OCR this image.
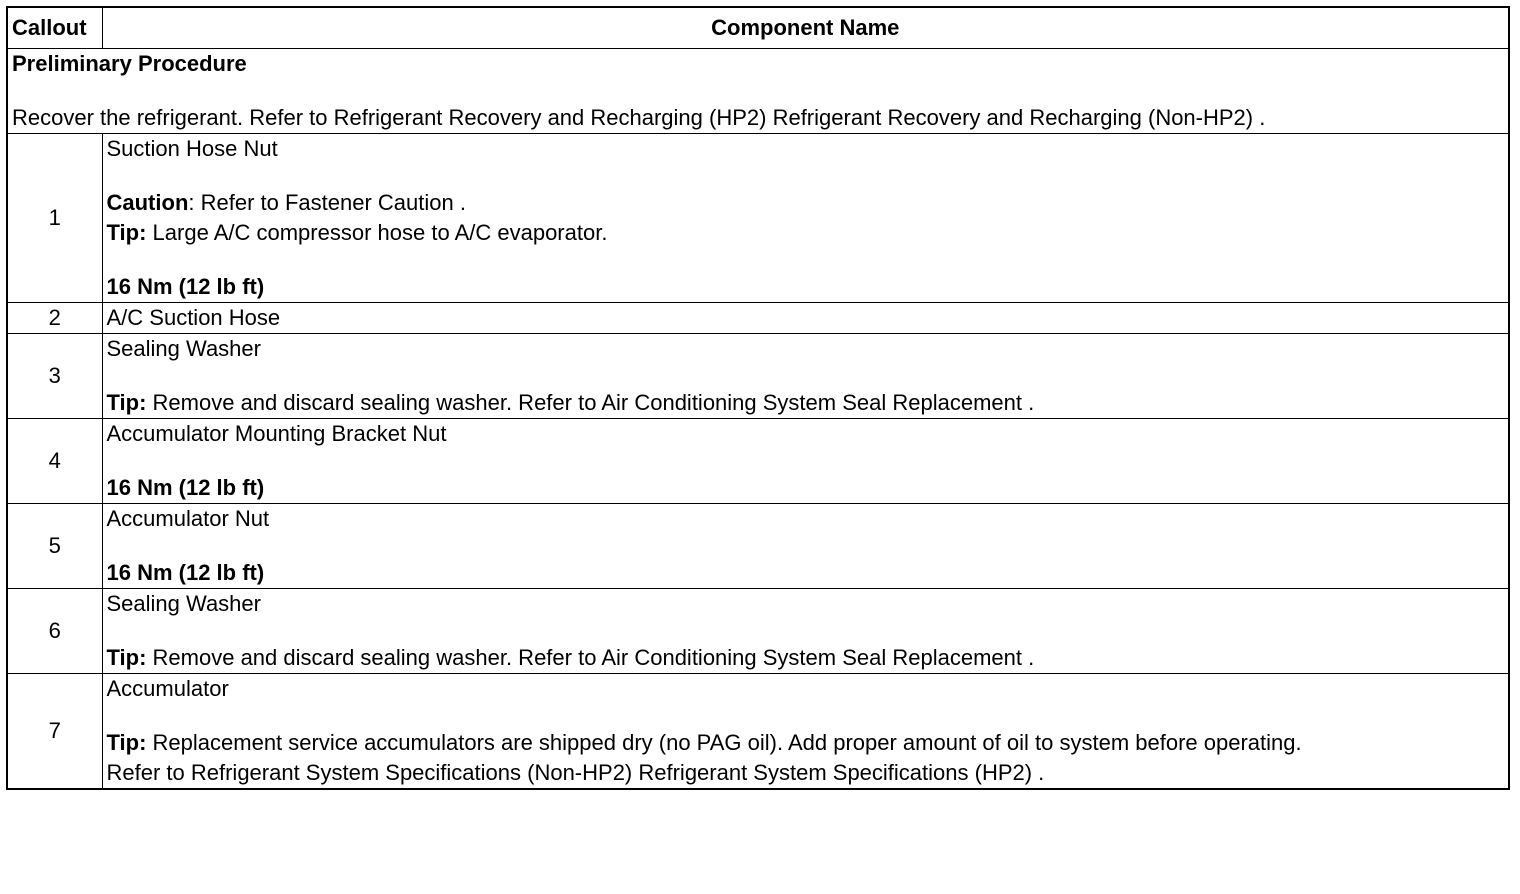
Callout	Component Name

Preliminary Procedure
Recover the refrigerant. Refer to Refrigerant Recovery and Recharging (HP2) Refrigerant Recovery and Recharging (Non-HP2) .	

1	Suction Hose Nut
Caution: Refer to Fastener Caution .
Tip: Large A/C compressor hose to A/C evaporator.
16 Nm (12 lb ft)

2	A/C Suction Hose

3	Sealing Washer
Tip: Remove and discard sealing washer. Refer to Air Conditioning System Seal Replacement .

4	Accumulator Mounting Bracket Nut
16 Nm (12 lb ft)

5	Accumulator Nut
16 Nm (12 lb ft)

6	Sealing Washer
Tip: Remove and discard sealing washer. Refer to Air Conditioning System Seal Replacement .

7	Accumulator
Tip: Replacement service accumulators are shipped dry (no PAG oil). Add proper amount of oil to system before operating.
Refer to Refrigerant System Specifications (Non-HP2) Refrigerant System Specifications (HP2) .
